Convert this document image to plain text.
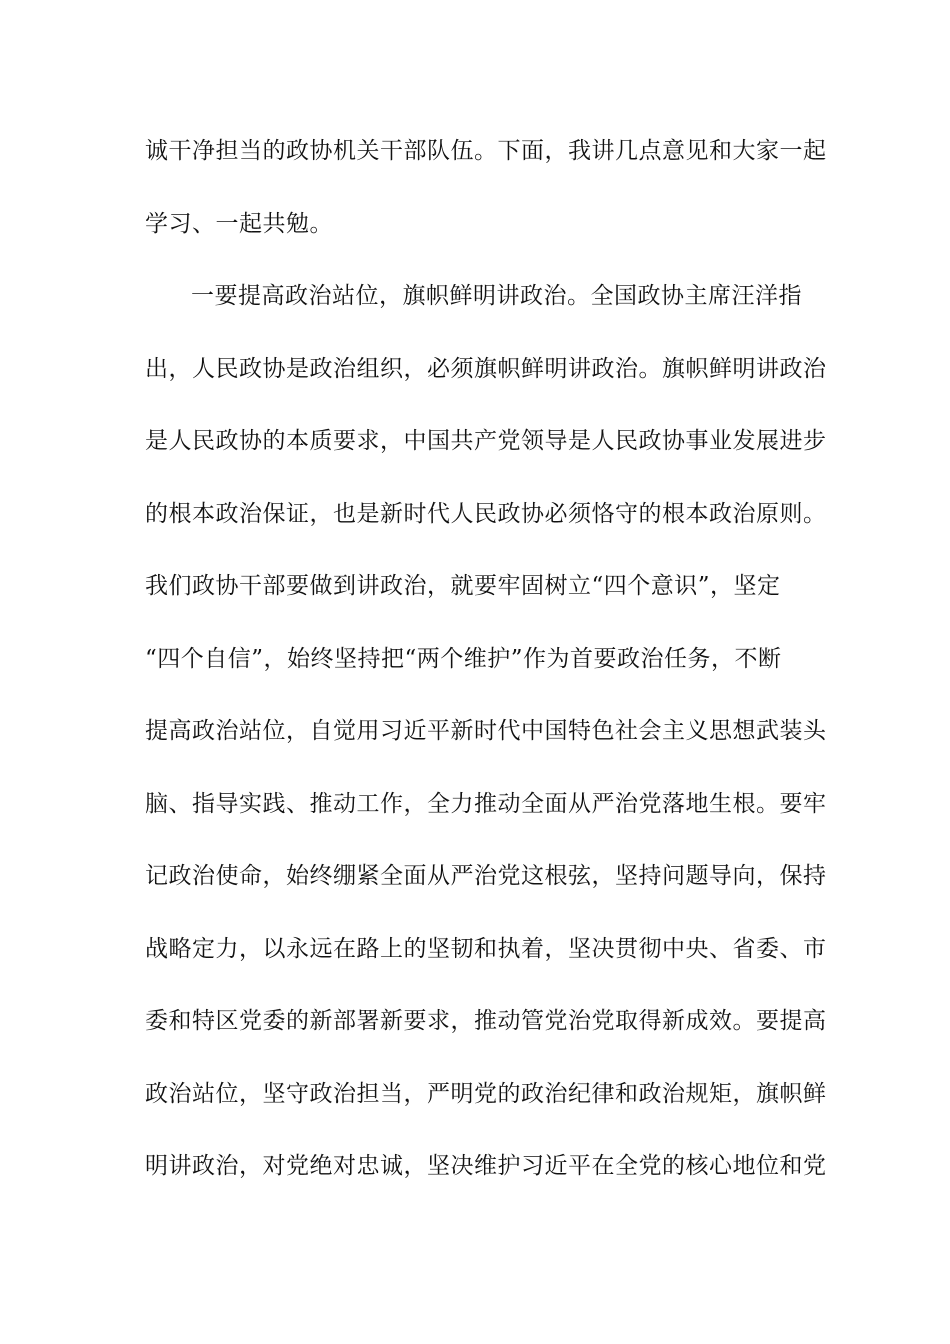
诚干净担当的政协机关干部队伍。下面，我讲几点意见和大家一起
学习、一起共勉。
一要提高政治站位，旗帜鲜明讲政治。全国政协主席汪洋指
出，人民政协是政治组织，必须旗帜鲜明讲政治。旗帜鲜明讲政治
是人民政协的本质要求，中国共产党领导是人民政协事业发展进步
的根本政治保证，也是新时代人民政协必须恪守的根本政治原则。
我们政协干部要做到讲政治，就要牢固树立“四个意识”，坚定
“四个自信”，始终坚持把“两个维护”作为首要政治任务，不断
提高政治站位，自觉用习近平新时代中国特色社会主义思想武装头
脑、指导实践、推动工作，全力推动全面从严治党落地生根。要牢
记政治使命，始终绷紧全面从严治党这根弦，坚持问题导向，保持
战略定力，以永远在路上的坚韧和执着，坚决贯彻中央、省委、市
委和特区党委的新部署新要求，推动管党治党取得新成效。要提高
政治站位，坚守政治担当，严明党的政治纪律和政治规矩，旗帜鲜
明讲政治，对党绝对忠诚，坚决维护习近平在全党的核心地位和党
